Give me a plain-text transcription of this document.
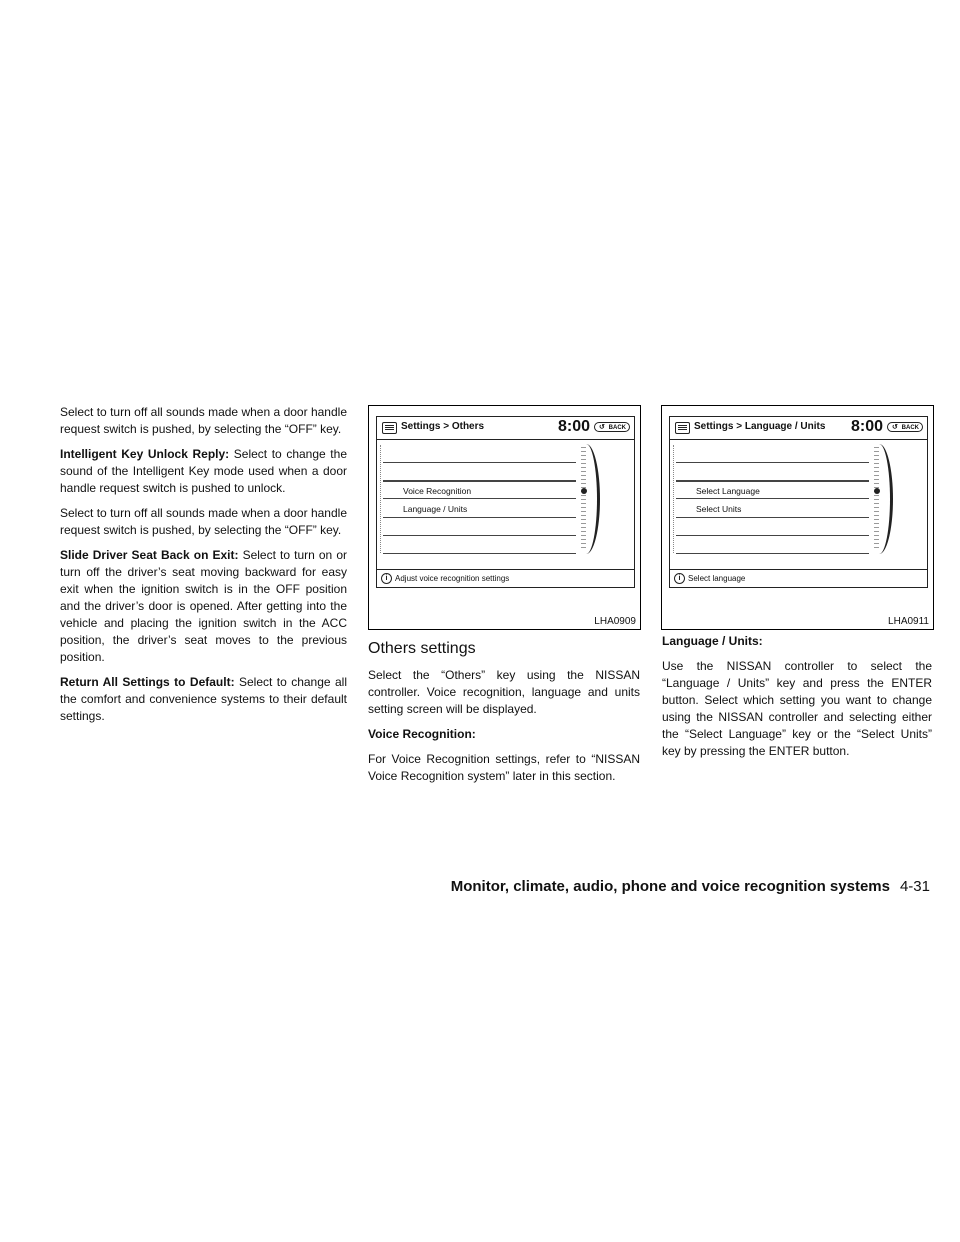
Select to turn off all sounds made when a door handle request switch is pushed, by selecting the “OFF” key.

Intelligent Key Unlock Reply: Select to change the sound of the Intelligent Key mode used when a door handle request switch is pushed to unlock.

Select to turn off all sounds made when a door handle request switch is pushed, by selecting the “OFF” key.

Slide Driver Seat Back on Exit: Select to turn on or turn off the driver’s seat moving backward for easy exit when the ignition switch is in the OFF position and the driver’s door is opened. After getting into the vehicle and placing the ignition switch in the ACC position, the driver’s seat moves to the previous position.

Return All Settings to Default: Select to change all the comfort and convenience systems to their default settings.

Settings > Others	8:00 ↺ BACK
Voice Recognition
Language / Units
i Adjust voice recognition settings
LHA0909
Settings > Language / Units 8:00 ↺ BACK
Select Language
Select Units
i Select language
LHA0911
Others settings

Select the “Others” key using the NISSAN controller. Voice recognition, language and units setting screen will be displayed.

Voice Recognition:

For Voice Recognition settings, refer to “NISSAN Voice Recognition system” later in this section.

Language / Units:

Use the NISSAN controller to select the “Language / Units” key and press the ENTER button. Select which setting you want to change using the NISSAN controller and selecting either the “Select Language” key or the “Select Units” key by pressing the ENTER button.

Monitor, climate, audio, phone and voice recognition systems 4-31
